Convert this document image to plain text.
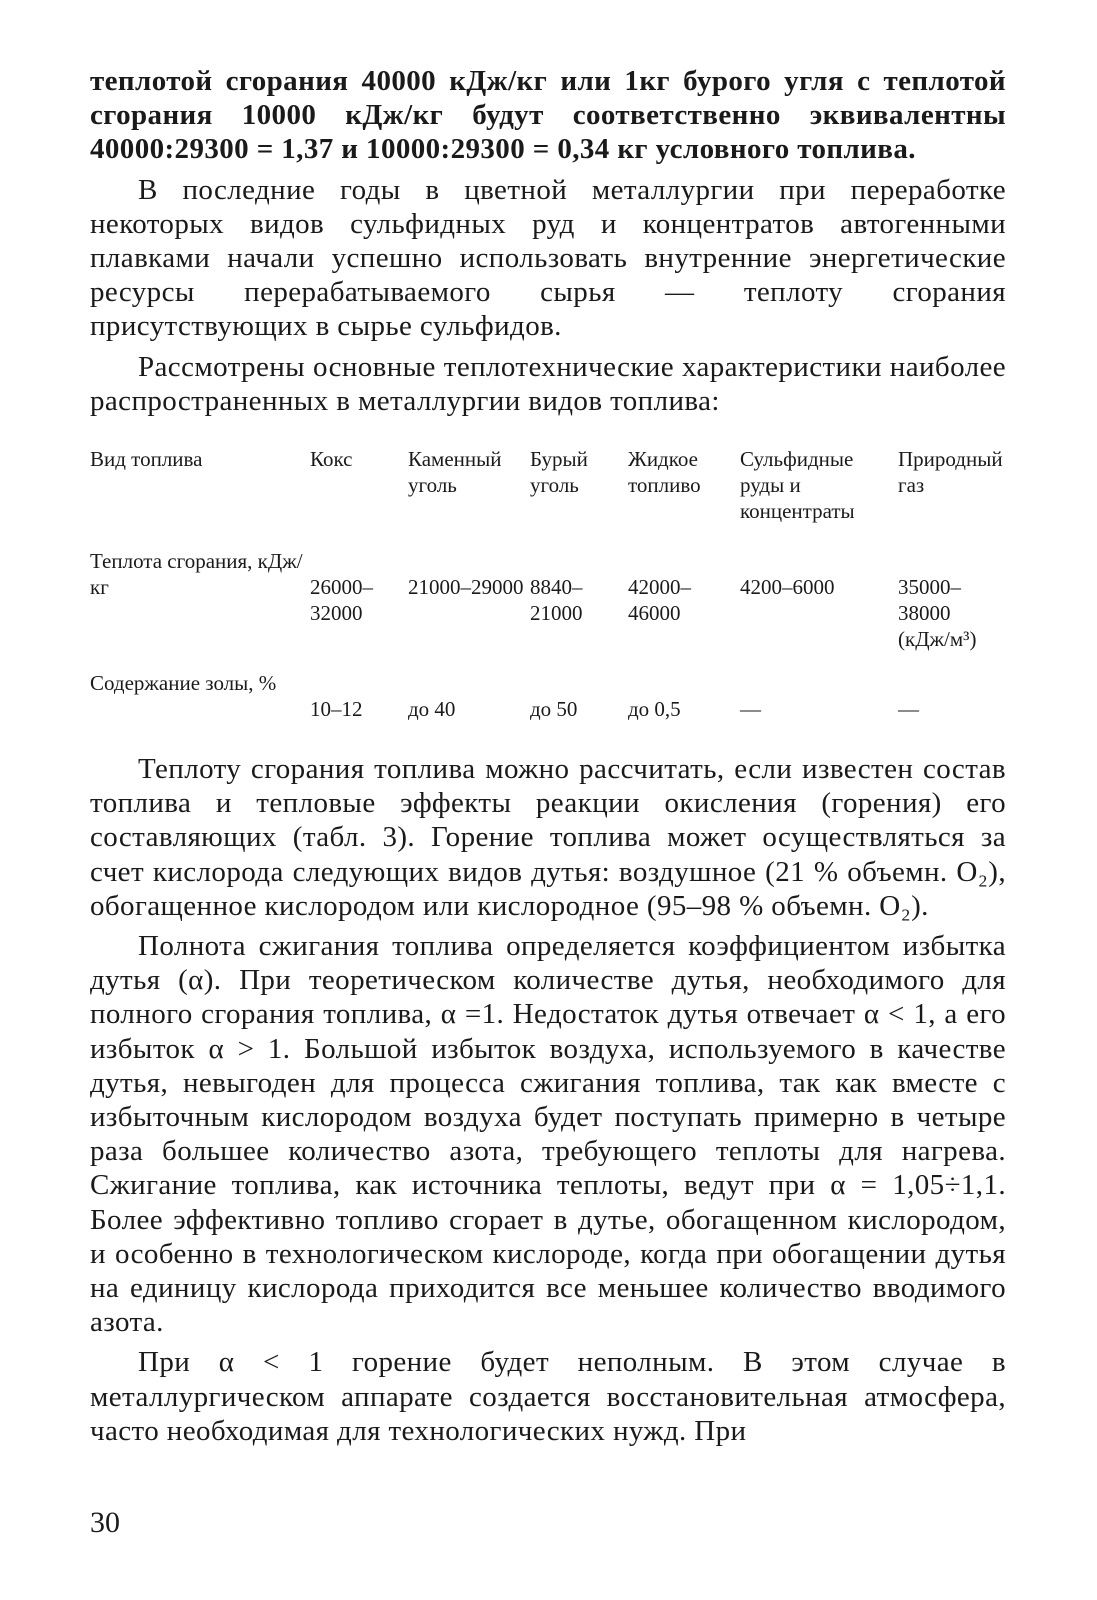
теплотой сгорания 40000 кДж/кг или 1кг бурого угля с теплотой сгорания 10000 кДж/кг будут соответственно эквивалентны 40000:29300 = 1,37 и 10000:29300 = 0,34 кг условного топлива.

В последние годы в цветной металлургии при переработке некоторых видов сульфидных руд и концентратов автогенными плавками начали успешно использовать внутренние энергетические ресурсы перерабатываемого сырья — теплоту сгорания присутствующих в сырье сульфидов.

Рассмотрены основные теплотехнические характеристики наиболее распространенных в металлургии видов топлива:

Вид топлива	Кокс	Каменный уголь	Бурый уголь	Жидкое топливо	Сульфидные руды и концентраты	Природный газ
Теплота сгорания, кДж/кг	26000–32000	21000–29000	8840–21000	42000–46000	4200–6000	35000–38000
(кДж/м³)

Содержание золы, %	10–12	до 40	до 50	до 0,5	—	—

Теплоту сгорания топлива можно рассчитать, если известен состав топлива и тепловые эффекты реакции окисления (горения) его составляющих (табл. 3). Горение топлива может осуществляться за счет кислорода следующих видов дутья: воздушное (21 % объемн. O₂), обогащенное кислородом или кислородное (95–98 % объемн. O₂).

Полнота сжигания топлива определяется коэффициентом избытка дутья (α). При теоретическом количестве дутья, необходимого для полного сгорания топлива, α =1. Недостаток дутья отвечает α < 1, а его избыток α > 1. Большой избыток воздуха, используемого в качестве дутья, невыгоден для процесса сжигания топлива, так как вместе с избыточным кислородом воздуха будет поступать примерно в четыре раза большее количество азота, требующего теплоты для нагрева. Сжигание топлива, как источника теплоты, ведут при α = 1,05÷1,1. Более эффективно топливо сгорает в дутье, обогащенном кислородом, и особенно в технологическом кислороде, когда при обогащении дутья на единицу кислорода приходится все меньшее количество вводимого азота.

При α < 1 горение будет неполным. В этом случае в металлургическом аппарате создается восстановительная атмосфера, часто необходимая для технологических нужд. При

30
